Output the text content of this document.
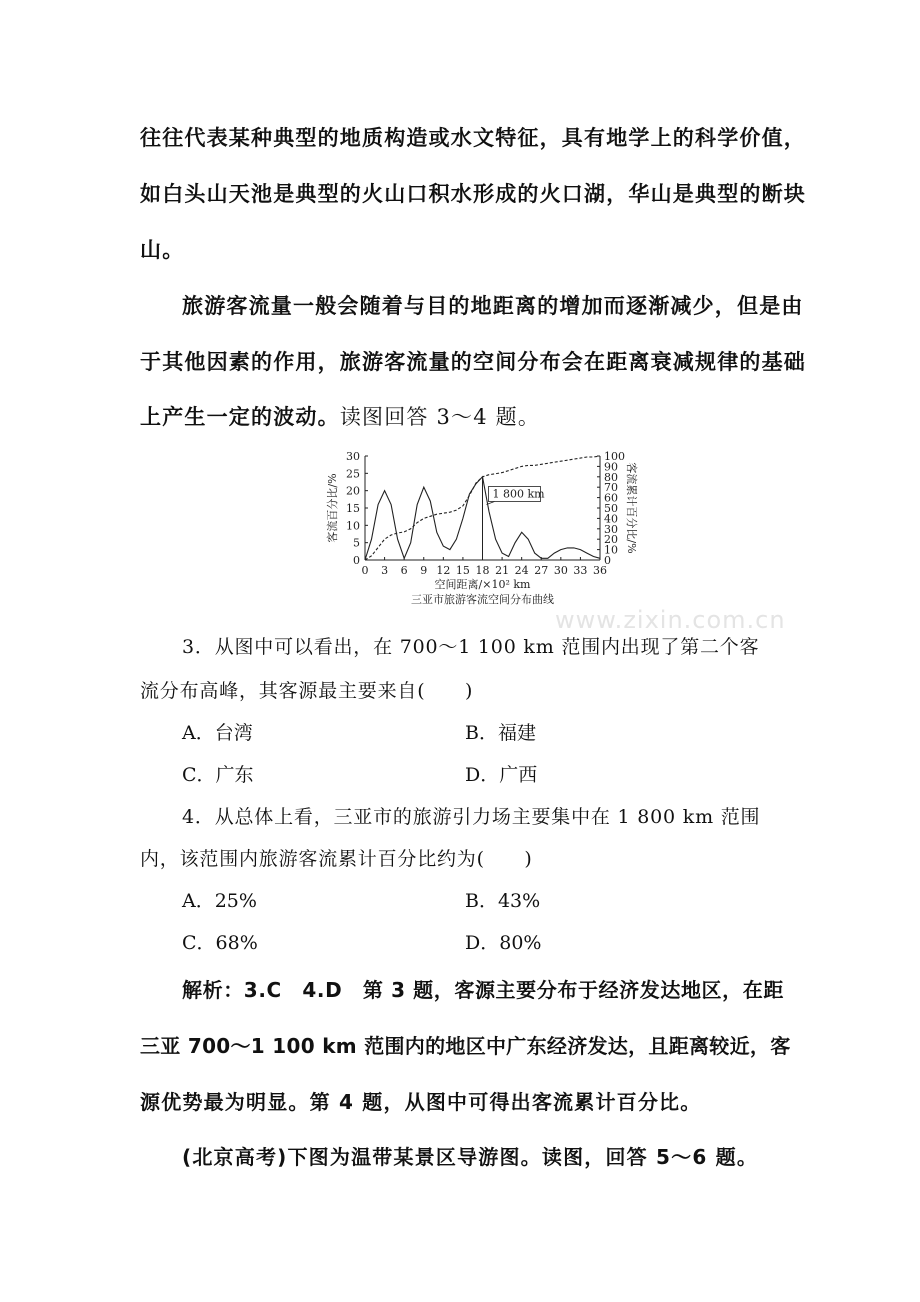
往往代表某种典型的地质构造或水文特征，具有地学上的科学价值，
如白头山天池是典型的火山口积水形成的火口湖，华山是典型的断块
山。
旅游客流量一般会随着与目的地距离的增加而逐渐减少，但是由
于其他因素的作用，旅游客流量的空间分布会在距离衰减规律的基础
上产生一定的波动。读图回答 3～4 题。
0 3 6 9 12 15 18 21 24 27 30 33 36
0
5
10
15
20
25
30
0
10
20
30
40
50
60
70
80
90
100
客流百分比/%	客流累计百分比/%
空间距离/×10² km
三亚市旅游客流空间分布曲线
1 800 km
www.zixin.com.cn
3．从图中可以看出，在 700～1 100 km 范围内出现了第二个客
流分布高峰，其客源最主要来自(　　)
A．台湾	B．福建
C．广东	D．广西
4．从总体上看，三亚市的旅游引力场主要集中在 1 800 km 范围
内，该范围内旅游客流累计百分比约为(　　)
A．25%	B．43%
C．68%	D．80%
解析：3.C　4.D　第 3 题，客源主要分布于经济发达地区，在距
三亚 700～1 100 km 范围内的地区中广东经济发达，且距离较近，客
源优势最为明显。第 4 题，从图中可得出客流累计百分比。
(北京高考)下图为温带某景区导游图。读图，回答 5～6 题。
